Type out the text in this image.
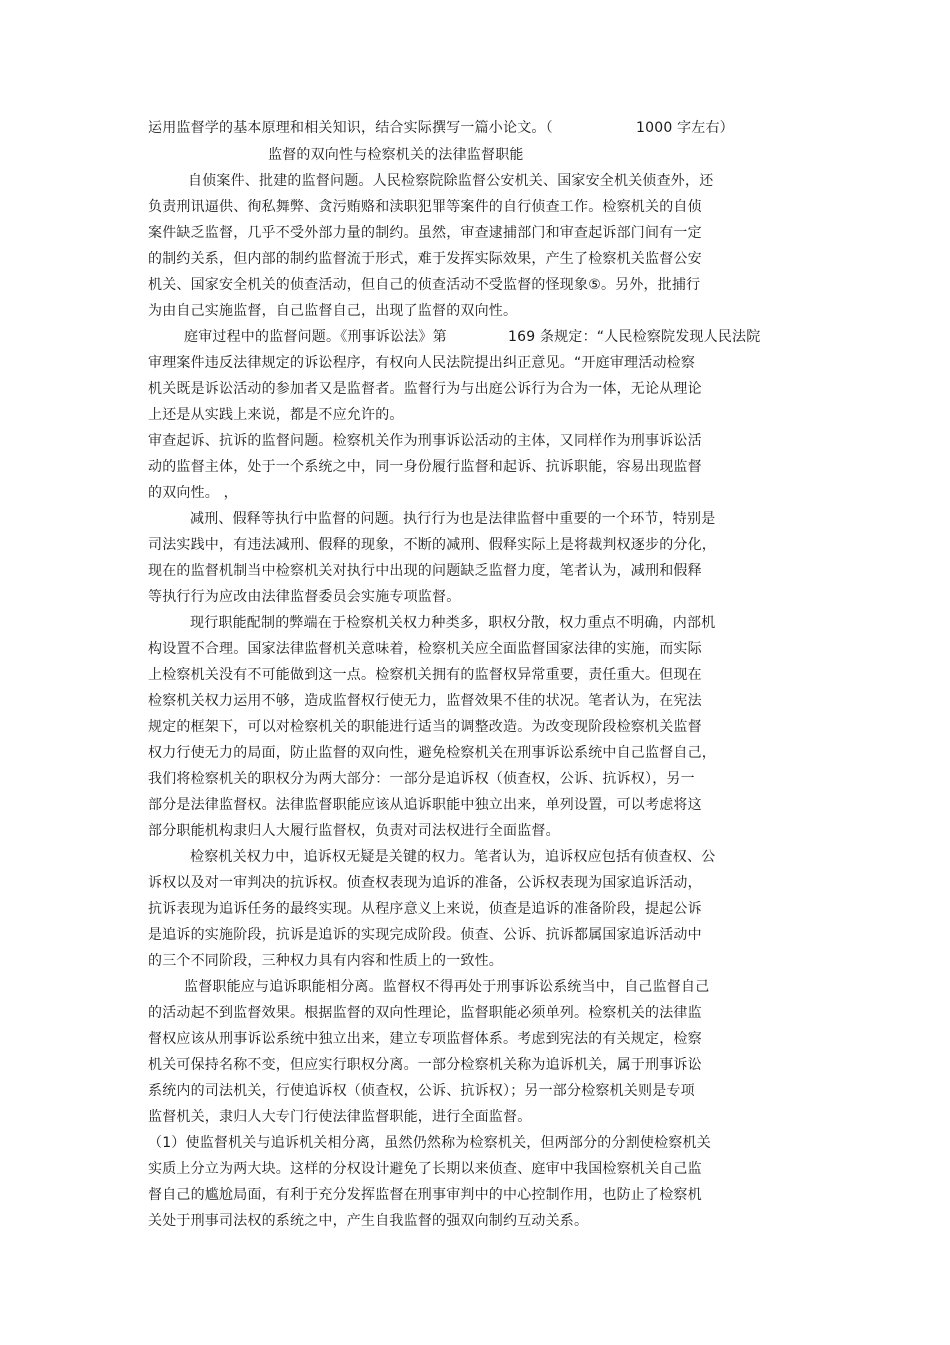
运用监督学的基本原理和相关知识，结合实际撰写一篇小论文。（	1000 字左右）
监督的双向性与检察机关的法律监督职能
自侦案件、批建的监督问题。人民检察院除监督公安机关、国家安全机关侦查外，还
负责刑讯逼供、徇私舞弊、贪污贿赂和渎职犯罪等案件的自行侦查工作。检察机关的自侦
案件缺乏监督，几乎不受外部力量的制约。虽然，审查逮捕部门和审查起诉部门间有一定
的制约关系，但内部的制约监督流于形式，难于发挥实际效果，产生了检察机关监督公安
机关、国家安全机关的侦查活动，但自己的侦查活动不受监督的怪现象⑤。另外，批捕行
为由自己实施监督，自己监督自己，出现了监督的双向性。
庭审过程中的监督问题。《刑事诉讼法》第	169 条规定：“人民检察院发现人民法院
审理案件违反法律规定的诉讼程序，有权向人民法院提出纠正意见。“开庭审理活动检察
机关既是诉讼活动的参加者又是监督者。监督行为与出庭公诉行为合为一体，无论从理论
上还是从实践上来说，都是不应允许的。
审查起诉、抗诉的监督问题。检察机关作为刑事诉讼活动的主体，又同样作为刑事诉讼活
动的监督主体，处于一个系统之中，同一身份履行监督和起诉、抗诉职能，容易出现监督
的双向性。 ，
减刑、假释等执行中监督的问题。执行行为也是法律监督中重要的一个环节，特别是
司法实践中，有违法减刑、假释的现象，不断的减刑、假释实际上是将裁判权逐步的分化，
现在的监督机制当中检察机关对执行中出现的问题缺乏监督力度，笔者认为，减刑和假释
等执行行为应改由法律监督委员会实施专项监督。
现行职能配制的弊端在于检察机关权力种类多，职权分散，权力重点不明确，内部机
构设置不合理。国家法律监督机关意味着，检察机关应全面监督国家法律的实施，而实际
上检察机关没有不可能做到这一点。检察机关拥有的监督权异常重要，责任重大。但现在
检察机关权力运用不够，造成监督权行使无力，监督效果不佳的状况。笔者认为，在宪法
规定的框架下，可以对检察机关的职能进行适当的调整改造。为改变现阶段检察机关监督
权力行使无力的局面，防止监督的双向性，避免检察机关在刑事诉讼系统中自己监督自己，
我们将检察机关的职权分为两大部分：一部分是追诉权（侦查权，公诉、抗诉权），另一
部分是法律监督权。法律监督职能应该从追诉职能中独立出来，单列设置，可以考虑将这
部分职能机构隶归人大履行监督权，负责对司法权进行全面监督。
检察机关权力中，追诉权无疑是关键的权力。笔者认为，追诉权应包括有侦查权、公
诉权以及对一审判决的抗诉权。侦查权表现为追诉的准备，公诉权表现为国家追诉活动，
抗诉表现为追诉任务的最终实现。从程序意义上来说，侦查是追诉的准备阶段，提起公诉
是追诉的实施阶段，抗诉是追诉的实现完成阶段。侦查、公诉、抗诉都属国家追诉活动中
的三个不同阶段，三种权力具有内容和性质上的一致性。
监督职能应与追诉职能相分离。监督权不得再处于刑事诉讼系统当中，自己监督自己
的活动起不到监督效果。根据监督的双向性理论，监督职能必须单列。检察机关的法律监
督权应该从刑事诉讼系统中独立出来，建立专项监督体系。考虑到宪法的有关规定，检察
机关可保持名称不变，但应实行职权分离。一部分检察机关称为追诉机关，属于刑事诉讼
系统内的司法机关，行使追诉权（侦查权，公诉、抗诉权）；另一部分检察机关则是专项
监督机关，隶归人大专门行使法律监督职能，进行全面监督。
（1）使监督机关与追诉机关相分离，虽然仍然称为检察机关，但两部分的分割使检察机关
实质上分立为两大块。这样的分权设计避免了长期以来侦查、庭审中我国检察机关自己监
督自己的尴尬局面，有利于充分发挥监督在刑事审判中的中心控制作用，也防止了检察机
关处于刑事司法权的系统之中，产生自我监督的强双向制约互动关系。
